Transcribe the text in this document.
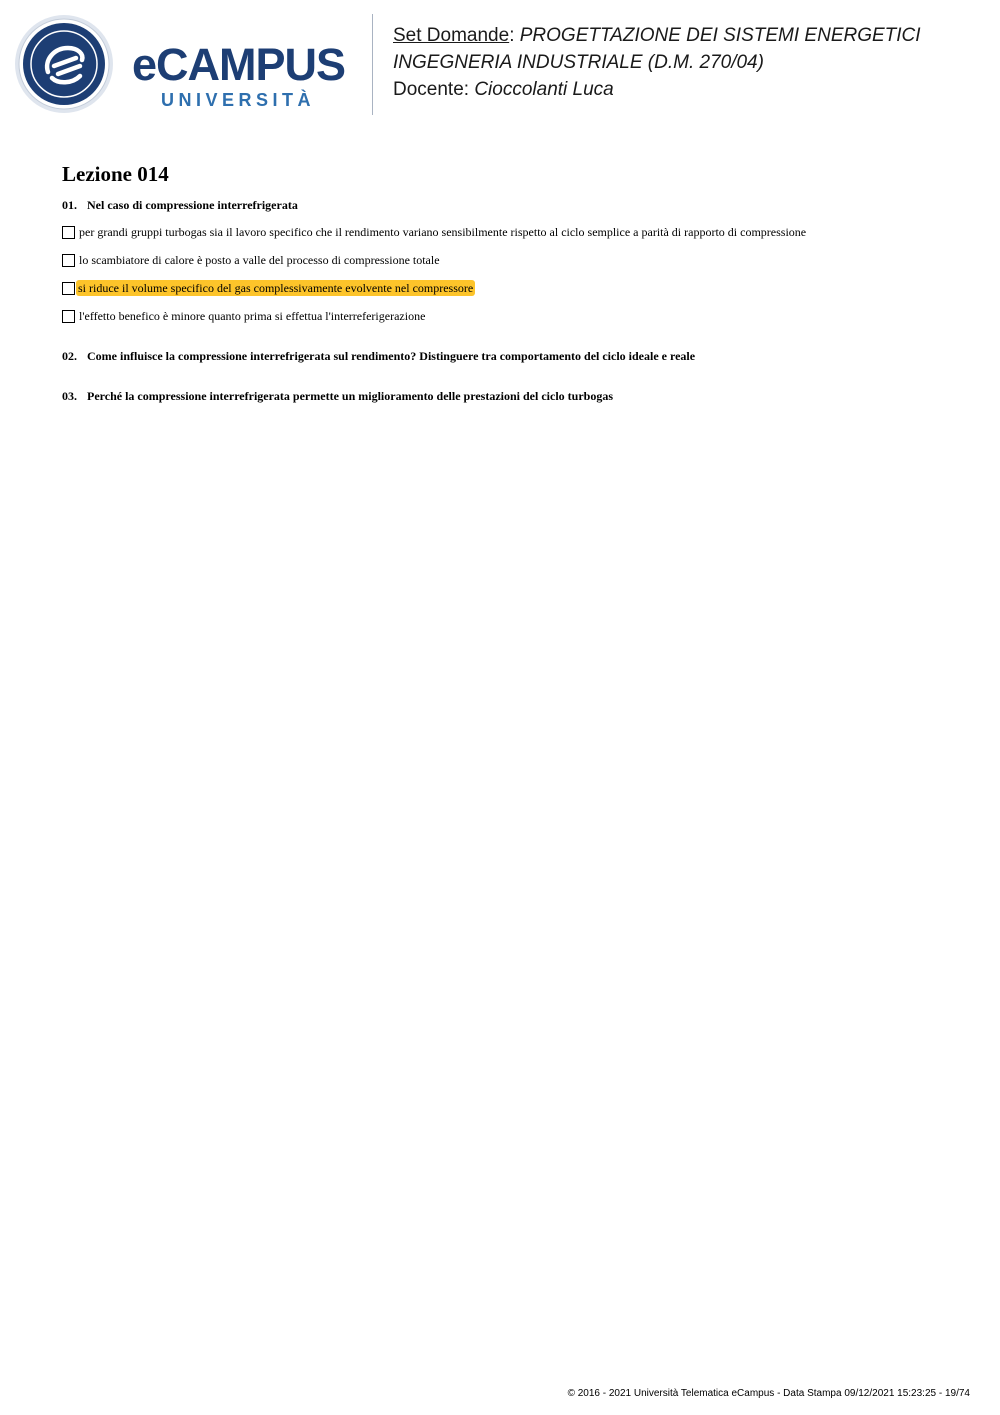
eCAMPUS
UNIVERSITÀ
Set Domande: PROGETTAZIONE DEI SISTEMI ENERGETICI
INGEGNERIA INDUSTRIALE (D.M. 270/04)
Docente: Cioccolanti Luca
Lezione 014
01. Nel caso di compressione interrefrigerata
per grandi gruppi turbogas sia il lavoro specifico che il rendimento variano sensibilmente rispetto al ciclo semplice a parità di rapporto di compressione
lo scambiatore di calore è posto a valle del processo di compressione totale
si riduce il volume specifico del gas complessivamente evolvente nel compressore
l'effetto benefico è minore quanto prima si effettua l'interreferigerazione
02. Come influisce la compressione interrefrigerata sul rendimento? Distinguere tra comportamento del ciclo ideale e reale
03. Perché la compressione interrefrigerata permette un miglioramento delle prestazioni del ciclo turbogas
© 2016 - 2021 Università Telematica eCampus - Data Stampa 09/12/2021 15:23:25 - 19/74
